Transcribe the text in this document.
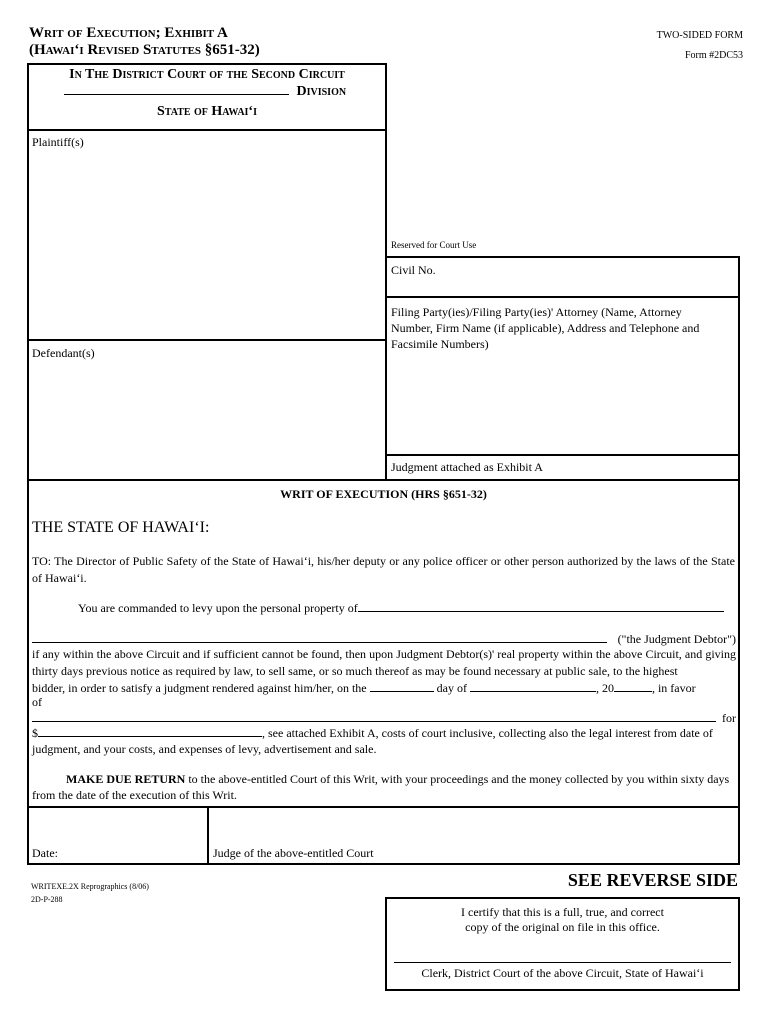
Writ of Execution; Exhibit A
(Hawai‘i Revised Statutes §651-32)
TWO-SIDED FORM
Form #2DC53
In The District Court of the Second Circuit
Division
State of Hawai‘i
Plaintiff(s)
Defendant(s)
Reserved for Court Use
Civil No.
Filing Party(ies)/Filing Party(ies)' Attorney (Name, Attorney Number, Firm Name (if applicable), Address and Telephone and Facsimile Numbers)
Judgment attached as Exhibit A
WRIT OF EXECUTION (HRS §651-32)
THE STATE OF HAWAI‘I:
TO: The Director of Public Safety of the State of Hawai‘i, his/her deputy or any police officer or other person authorized by the laws of the State of Hawai‘i.
You are commanded to levy upon the personal property of
("the Judgment Debtor")
if any within the above Circuit and if sufficient cannot be found, then upon Judgment Debtor(s)' real property within the above Circuit, and giving thirty days previous notice as required by law, to sell same, or so much thereof as may be found necessary at public sale, to the highest
bidder, in order to satisfy a judgment rendered against him/her, on the	day of	, 20	, in favor
of
for
$	, see attached Exhibit A, costs of court inclusive, collecting also the legal interest from date of
judgment, and your costs, and expenses of levy, advertisement and sale.
MAKE DUE RETURN to the above-entitled Court of this Writ, with your proceedings and the money collected by you within sixty days
from the date of the execution of this Writ.
Date:	Judge of the above-entitled Court
WRITEXE.2X Reprographics (8/06)
2D-P-288
SEE REVERSE SIDE
I certify that this is a full, true, and correct
copy of the original on file in this office.
Clerk, District Court of the above Circuit, State of Hawai‘i
